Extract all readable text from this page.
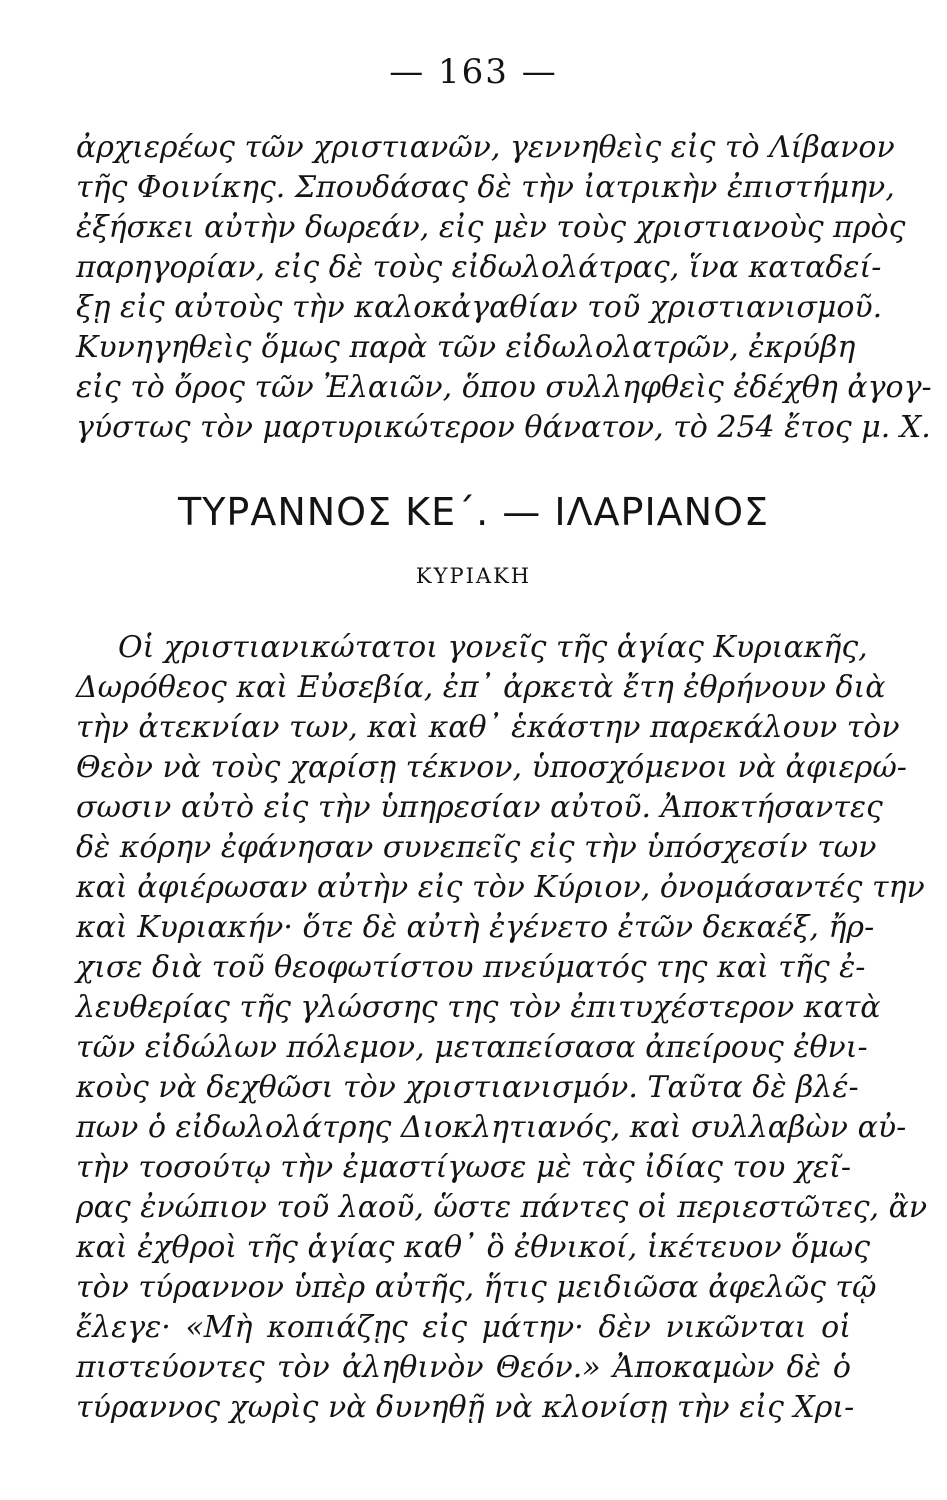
— 163 —
ἀρχιερέως τῶν χριστιανῶν, γεννηθεὶς εἰς τὸ Λίβανον
τῆς Φοινίκης. Σπουδάσας δὲ τὴν ἰατρικὴν ἐπιστήμην,
ἐξήσκει αὐτὴν δωρεάν, εἰς μὲν τοὺς χριστιανοὺς πρὸς
παρηγορίαν, εἰς δὲ τοὺς εἰδωλολάτρας, ἵνα καταδεί-
ξῃ εἰς αὐτοὺς τὴν καλοκἀγαθίαν τοῦ χριστιανισμοῦ.
Κυνηγηθεὶς ὅμως παρὰ τῶν εἰδωλολατρῶν, ἐκρύβη
εἰς τὸ ὄρος τῶν Ἐλαιῶν, ὅπου συλληφθεὶς ἐδέχθη ἀγογ-
γύστως τὸν μαρτυρικώτερον θάνατον, τὸ 254 ἔτος μ. Χ.
ΤΥΡΑΝΝΟΣ ΚΕ΄. — ΙΛΑΡΙΑΝΟΣ
ΚΥΡΙΑΚΗ
Οἱ χριστιανικώτατοι γονεῖς τῆς ἁγίας Κυριακῆς,
Δωρόθεος καὶ Εὐσεβία, ἐπ᾽ ἀρκετὰ ἔτη ἐθρήνουν διὰ
τὴν ἀτεκνίαν των, καὶ καθ᾽ ἑκάστην παρεκάλουν τὸν
Θεὸν νὰ τοὺς χαρίσῃ τέκνον, ὑποσχόμενοι νὰ ἀφιερώ-
σωσιν αὐτὸ εἰς τὴν ὑπηρεσίαν αὐτοῦ. Ἀποκτήσαντες
δὲ κόρην ἐφάνησαν συνεπεῖς εἰς τὴν ὑπόσχεσίν των
καὶ ἀφιέρωσαν αὐτὴν εἰς τὸν Κύριον, ὀνομάσαντές την
καὶ Κυριακήν· ὅτε δὲ αὐτὴ ἐγένετο ἐτῶν δεκαέξ, ἤρ-
χισε διὰ τοῦ θεοφωτίστου πνεύματός της καὶ τῆς ἐ-
λευθερίας τῆς γλώσσης της τὸν ἐπιτυχέστερον κατὰ
τῶν εἰδώλων πόλεμον, μεταπείσασα ἀπείρους ἐθνι-
κοὺς νὰ δεχθῶσι τὸν χριστιανισμόν. Ταῦτα δὲ βλέ-
πων ὁ εἰδωλολάτρης Διοκλητιανός, καὶ συλλαβὼν αὐ-
τὴν τοσούτῳ τὴν ἐμαστίγωσε μὲ τὰς ἰδίας του χεῖ-
ρας ἐνώπιον τοῦ λαοῦ, ὥστε πάντες οἱ περιεστῶτες, ἂν
καὶ ἐχθροὶ τῆς ἁγίας καθ᾽ ὃ ἐθνικοί, ἱκέτευον ὅμως
τὸν τύραννον ὑπὲρ αὐτῆς, ἥτις μειδιῶσα ἀφελῶς τῷ
ἔλεγε· «Μὴ κοπιάζῃς εἰς μάτην· δὲν νικῶνται οἱ
πιστεύοντες τὸν ἀληθινὸν Θεόν.» Ἀποκαμὼν δὲ ὁ
τύραννος χωρὶς νὰ δυνηθῇ νὰ κλονίσῃ τὴν εἰς Χρι-
